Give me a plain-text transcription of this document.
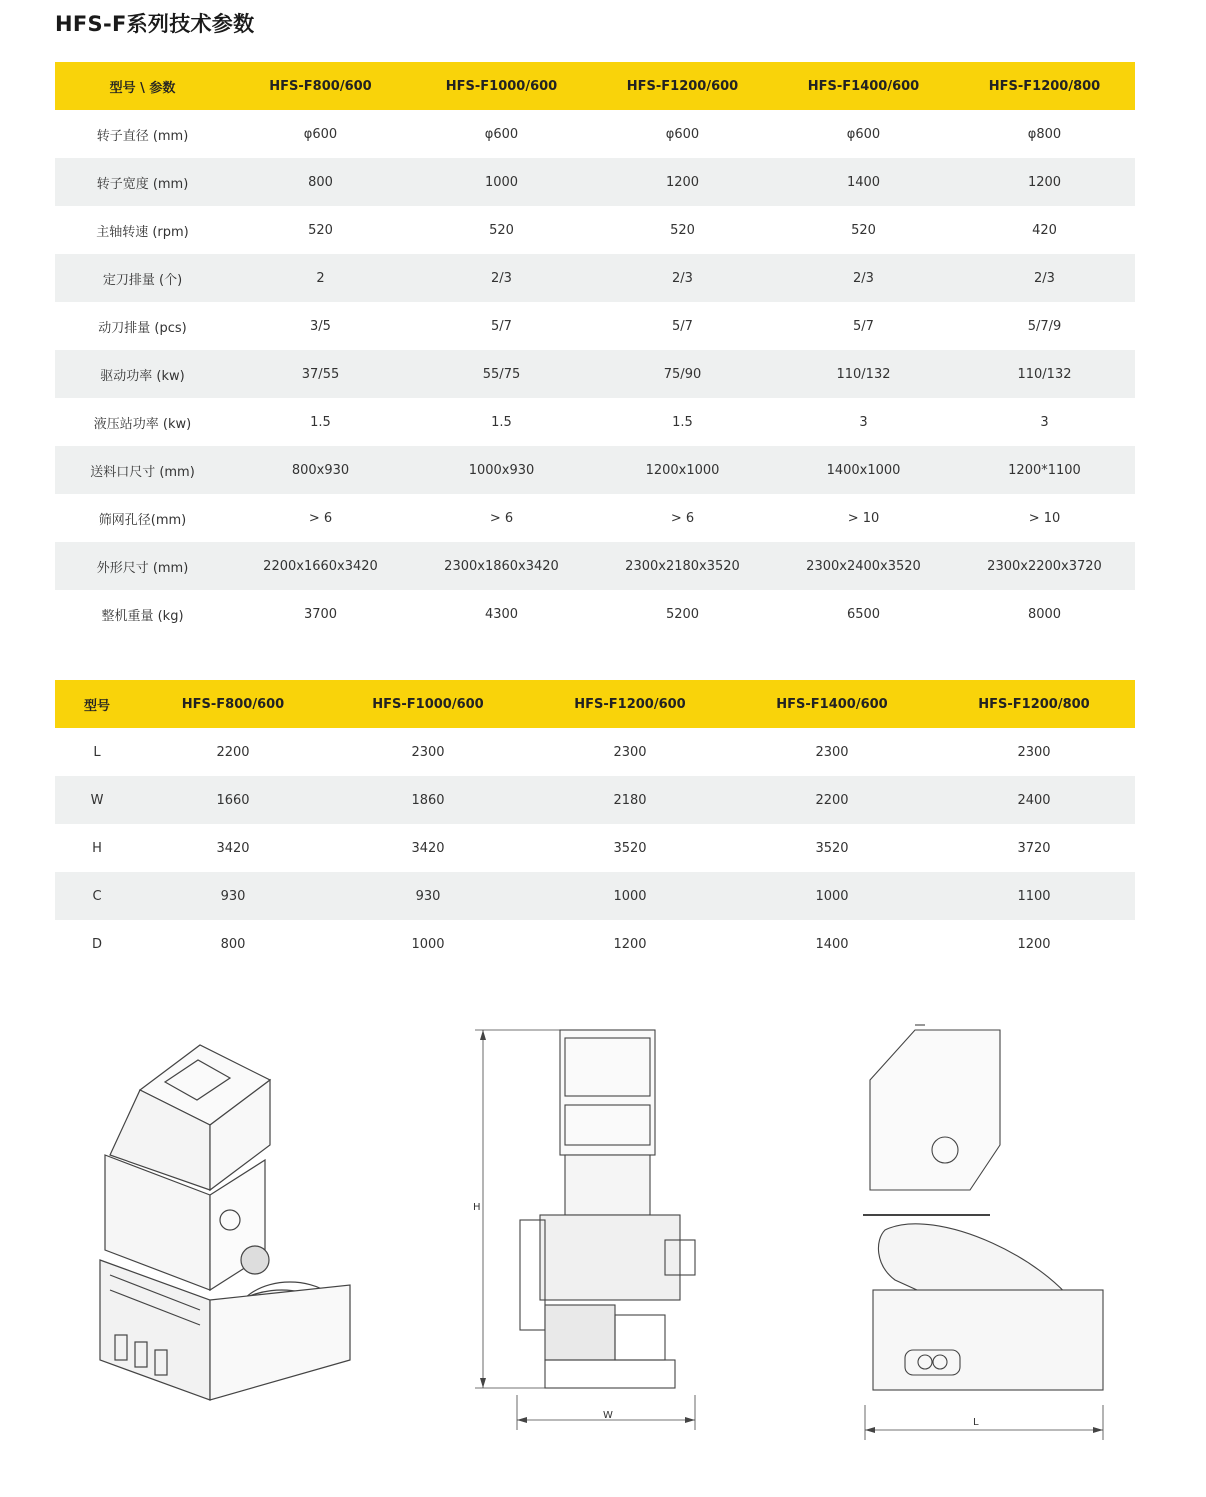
HFS-F系列技术参数
型号 \ 参数	HFS-F800/600	HFS-F1000/600	HFS-F1200/600	HFS-F1400/600	HFS-F1200/800
转子直径 (mm)	φ600	φ600	φ600	φ600	φ800
转子宽度 (mm)	800	1000	1200	1400	1200
主轴转速 (rpm)	520	520	520	520	420
定刀排量 (个)	2	2/3	2/3	2/3	2/3
动刀排量 (pcs)	3/5	5/7	5/7	5/7	5/7/9
驱动功率 (kw)	37/55	55/75	75/90	110/132	110/132
液压站功率 (kw)	1.5	1.5	1.5	3	3
送料口尺寸 (mm)	800x930	1000x930	1200x1000	1400x1000	1200*1100
筛网孔径(mm)	> 6	> 6	> 6	> 10	> 10
外形尺寸 (mm)	2200x1660x3420	2300x1860x3420	2300x2180x3520	2300x2400x3520	2300x2200x3720
整机重量 (kg)	3700	4300	5200	6500	8000
型号	HFS-F800/600	HFS-F1000/600	HFS-F1200/600	HFS-F1400/600	HFS-F1200/800
L	2200	2300	2300	2300	2300
W	1660	1860	2180	2200	2400
H	3420	3420	3520	3520	3720
C	930	930	1000	1000	1100
D	800	1000	1200	1400	1200
H
W
L
